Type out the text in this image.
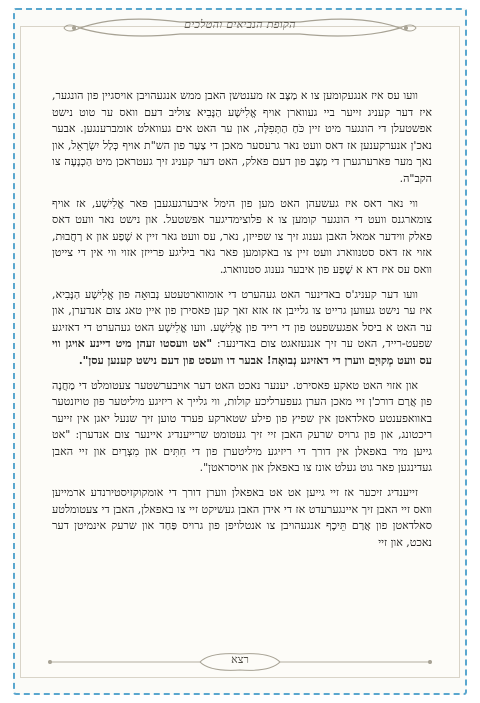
הקופת הנביאים והטלכים

וועו עס איז אנגעקומען צו א מַצָּב אז מענטשן האבן ממש אנגעהויבן אויסגיין פון הונגער, איז דער קעניג זייער ביי געווארן אויף אֱלִישָׁע הַנָּבִיא צוליב דעם וואס ער טוט נישט אפשטעלן די הונגער מיט זיין כֹּחַ הַתְּפִלָּה, און ער האט אים געוואלט אומברענגען. אבער נאכ'ן אנערקענען אז דאס וועט נאר גרעסער מאכן די צַעַר פון הש"ת אויף כְּלַל יִשְׂרָאֵל, און נאך מער פארערגערן די מַצָּב פון דעם פאלק, האט דער קעניג זיך געטראכן מיט הַכְנָעָה צו הקב"ה.

ווי נאר דאס איז געשעהן האט מען פון הימל איבערגעגעבן פאר אֱלִישָׁע, אז אויף צומארגנס וועט די הונגער קומען צו א פלוצימדיגער אפשטעל. און נישט נאר וועט דאס פאלק ווידער אמאל האבן גענוג זיך צו שפייזן, נאר, עס וועט גאר זיין א שֶׁפַע און א רַחֲבוּת, אזוי אז דאס סטנווארג וועט זיין צו באקומען פאר גאר ביליגע פרייזן אזוי ווי אין די צייטן וואס עס איז דא א שֶׁפַע פון איבער גענוג סטנווארג.

וועו דער קעניג'ס באדינער האט געהערט די אומווארטעטע נְבוּאָה פון אֱלִישָׁע הַנָּבִיא, איז ער נישט געווען גרייט צו גלייבן אז אזא זאך קען פאסירן פון איין טאג צום אנדערן, און ער האט א ביסל אפגעשפעט פון די רייד פון אֱלִישָׁע. וועו אֱלִישָׁע האט געהערט די דאזיגע שפעט-רייד, האט ער זיך אנגעזאגט צום באדינער: "אט וועסטו זעהן מיט דיינע אויגן ווי עס וועט מְקוּיָם ווערן די דאזיגע נְבוּאָה! אבער דו וועסט פון דעם נישט קענען עסן".

און אזוי האט טאקע פאסירט. יענער נאכט האט דער אויבערשטער צעטומלט די מַחֲנֶה פון אֲרַם דורכ'ן זיי מאכן הערן געפערליכע קולות, ווי גלייך א ריזיגע מיליטער פון טויזנטער באוואפענטע סאלדאטן אין שפיץ פון פילע שטארקע פערד טוען זיך שנעל יאגן אין זייער ריכטונג, און פון גרויס שרעק האבן זיי זיך געטומט שרייענדיג איינער צום אנדערן: "אט גייען מיר באפאלן אין דורך די ריזיגע מיליטערן פון די חִתִּים און מִצְרַיִם און זיי האבן געדינגען פאר גוט געלט אונז צו באפאלן און אויסראטן".

זייענדיג זיכער אז זיי גייען אט אט באפאלן ווערן דורך די אומקוקזיסטירנדע ארמייען וואס זיי האבן זיך איינגערעדט אז די אידן האבן געשיקט זיי צו באפאלן, האבן די צעטומלטע סאלדאטן פון אֲרַם תֵּיכֶף אנגעהויבן צו אנטלויפן פון גרויס פַּחַד און שרעק אינמיטן דער נאכט, און זיי

רצא
